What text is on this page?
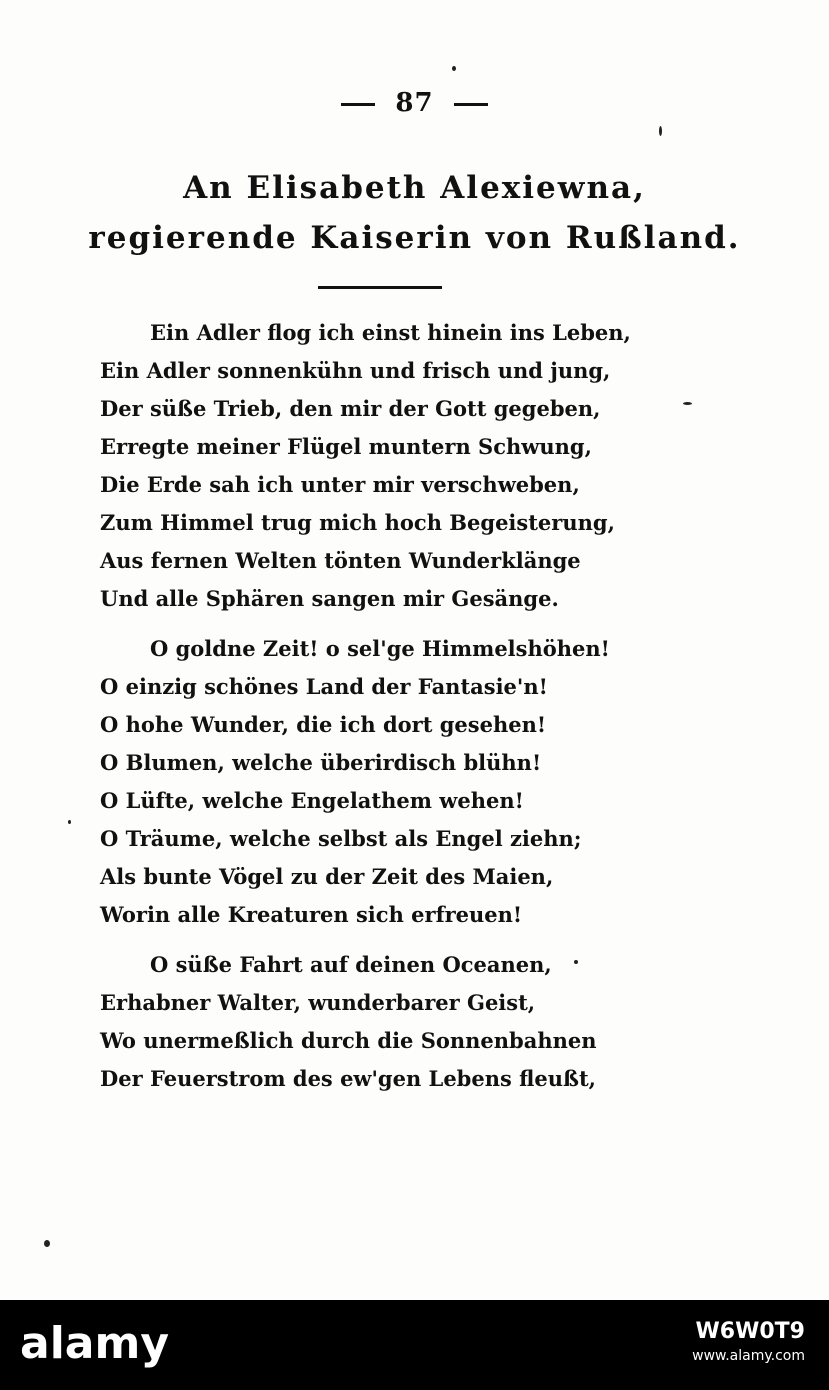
87
An Elisabeth Alexiewna,
regierende Kaiserin von Rußland.
Ein Adler flog ich einst hinein ins Leben,
Ein Adler sonnenkühn und frisch und jung,
Der süße Trieb, den mir der Gott gegeben,
Erregte meiner Flügel muntern Schwung,
Die Erde sah ich unter mir verschweben,
Zum Himmel trug mich hoch Begeisterung,
Aus fernen Welten tönten Wunderklänge
Und alle Sphären sangen mir Gesänge.
O goldne Zeit! o sel'ge Himmelshöhen!
O einzig schönes Land der Fantasie'n!
O hohe Wunder, die ich dort gesehen!
O Blumen, welche überirdisch blühn!
O Lüfte, welche Engelathem wehen!
O Träume, welche selbst als Engel ziehn;
Als bunte Vögel zu der Zeit des Maien,
Worin alle Kreaturen sich erfreuen!
O süße Fahrt auf deinen Oceanen,
Erhabner Walter, wunderbarer Geist,
Wo unermeßlich durch die Sonnenbahnen
Der Feuerstrom des ew'gen Lebens fleußt,
alamy	W6W0T9
www.alamy.com
